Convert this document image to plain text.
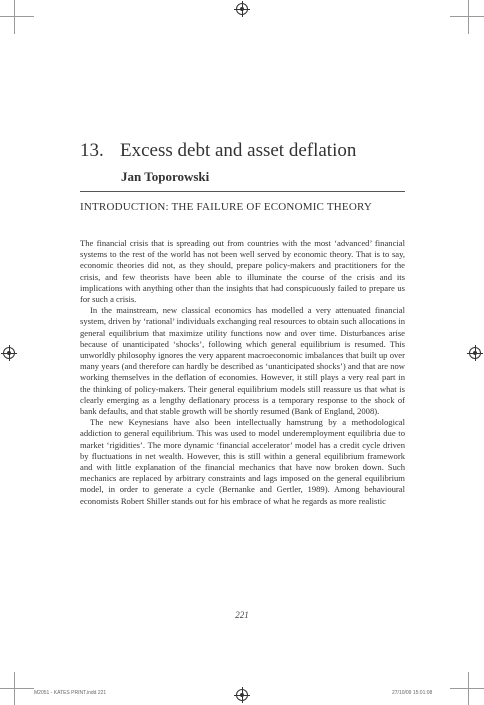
13. Excess debt and asset deflation
Jan Toporowski
INTRODUCTION: THE FAILURE OF ECONOMIC THEORY

The financial crisis that is spreading out from countries with the most ‘advanced’ financial systems to the rest of the world has not been well served by economic theory. That is to say, economic theories did not, as they should, prepare policy-makers and practitioners for the crisis, and few theorists have been able to illuminate the course of the crisis and its implications with anything other than the insights that had conspicuously failed to prepare us for such a crisis.

In the mainstream, new classical economics has modelled a very attenuated financial system, driven by ‘rational’ individuals exchanging real resources to obtain such allocations in general equilibrium that maximize utility functions now and over time. Disturbances arise because of unanticipated ‘shocks’, following which general equilibrium is resumed. This unworldly philosophy ignores the very apparent macroeconomic imbalances that built up over many years (and therefore can hardly be described as ‘unanticipated shocks’) and that are now working themselves in the deflation of economies. However, it still plays a very real part in the thinking of policy-makers. Their general equilibrium models still reassure us that what is clearly emerging as a lengthy deflationary process is a temporary response to the shock of bank defaults, and that stable growth will be shortly resumed (Bank of England, 2008).

The new Keynesians have also been intellectually hamstrung by a methodological addiction to general equilibrium. This was used to model underemployment equilibria due to market ‘rigidities’. The more dynamic ‘financial accelerator’ model has a credit cycle driven by fluctuations in net wealth. However, this is still within a general equilibrium framework and with little explanation of the financial mechanics that have now broken down. Such mechanics are replaced by arbitrary constraints and lags imposed on the general equilibrium model, in order to generate a cycle (Bernanke and Gertler, 1989). Among behavioural economists Robert Shiller stands out for his embrace of what he regards as more realistic

221
M2051 - KATES PRINT.indd 221	27/10/09 15:01:08
